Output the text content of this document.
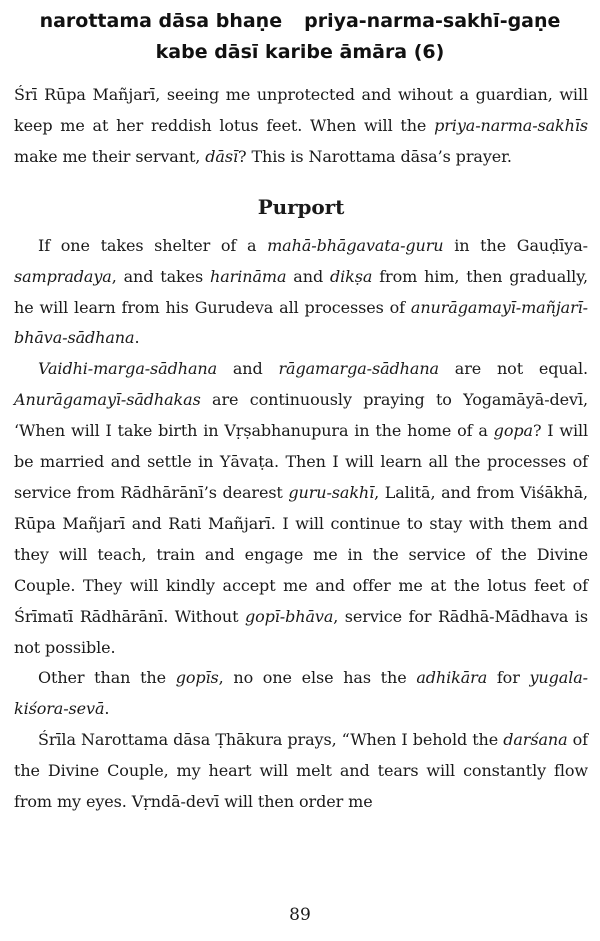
narottama dāsa bhaṇe priya-narma-sakhī-gaṇe
kabe dāsī karibe āmāra (6)

Śrī Rūpa Mañjarī, seeing me unprotected and wihout a guardian, will keep me at her reddish lotus feet. When will the priya-narma-sakhīs make me their servant, dāsī? This is Narottama dāsa’s prayer.

Purport

If one takes shelter of a mahā-bhāgavata-guru in the Gauḍīya-sampradaya, and takes harināma and dikṣa from him, then gradually, he will learn from his Gurudeva all processes of anurāgamayī-mañjarī-bhāva-sādhana.

Vaidhi-marga-sādhana and rāgamarga-sādhana are not equal. Anurāgamayī-sādhakas are continuously praying to Yogamāyā-devī, ‘When will I take birth in Vṛṣabhanupura in the home of a gopa? I will be married and settle in Yāvaṭa. Then I will learn all the processes of service from Rādhārānī’s dearest guru-sakhī, Lalitā, and from Viśākhā, Rūpa Mañjarī and Rati Mañjarī. I will continue to stay with them and they will teach, train and engage me in the service of the Divine Couple. They will kindly accept me and offer me at the lotus feet of Śrīmatī Rādhārānī. Without gopī-bhāva, service for Rādhā-Mādhava is not possible.

Other than the gopīs, no one else has the adhikāra for yugala-kiśora-sevā.

Śrīla Narottama dāsa Ṭhākura prays, “When I behold the darśana of the Divine Couple, my heart will melt and tears will constantly flow from my eyes. Vṛndā-devī will then order me

89
